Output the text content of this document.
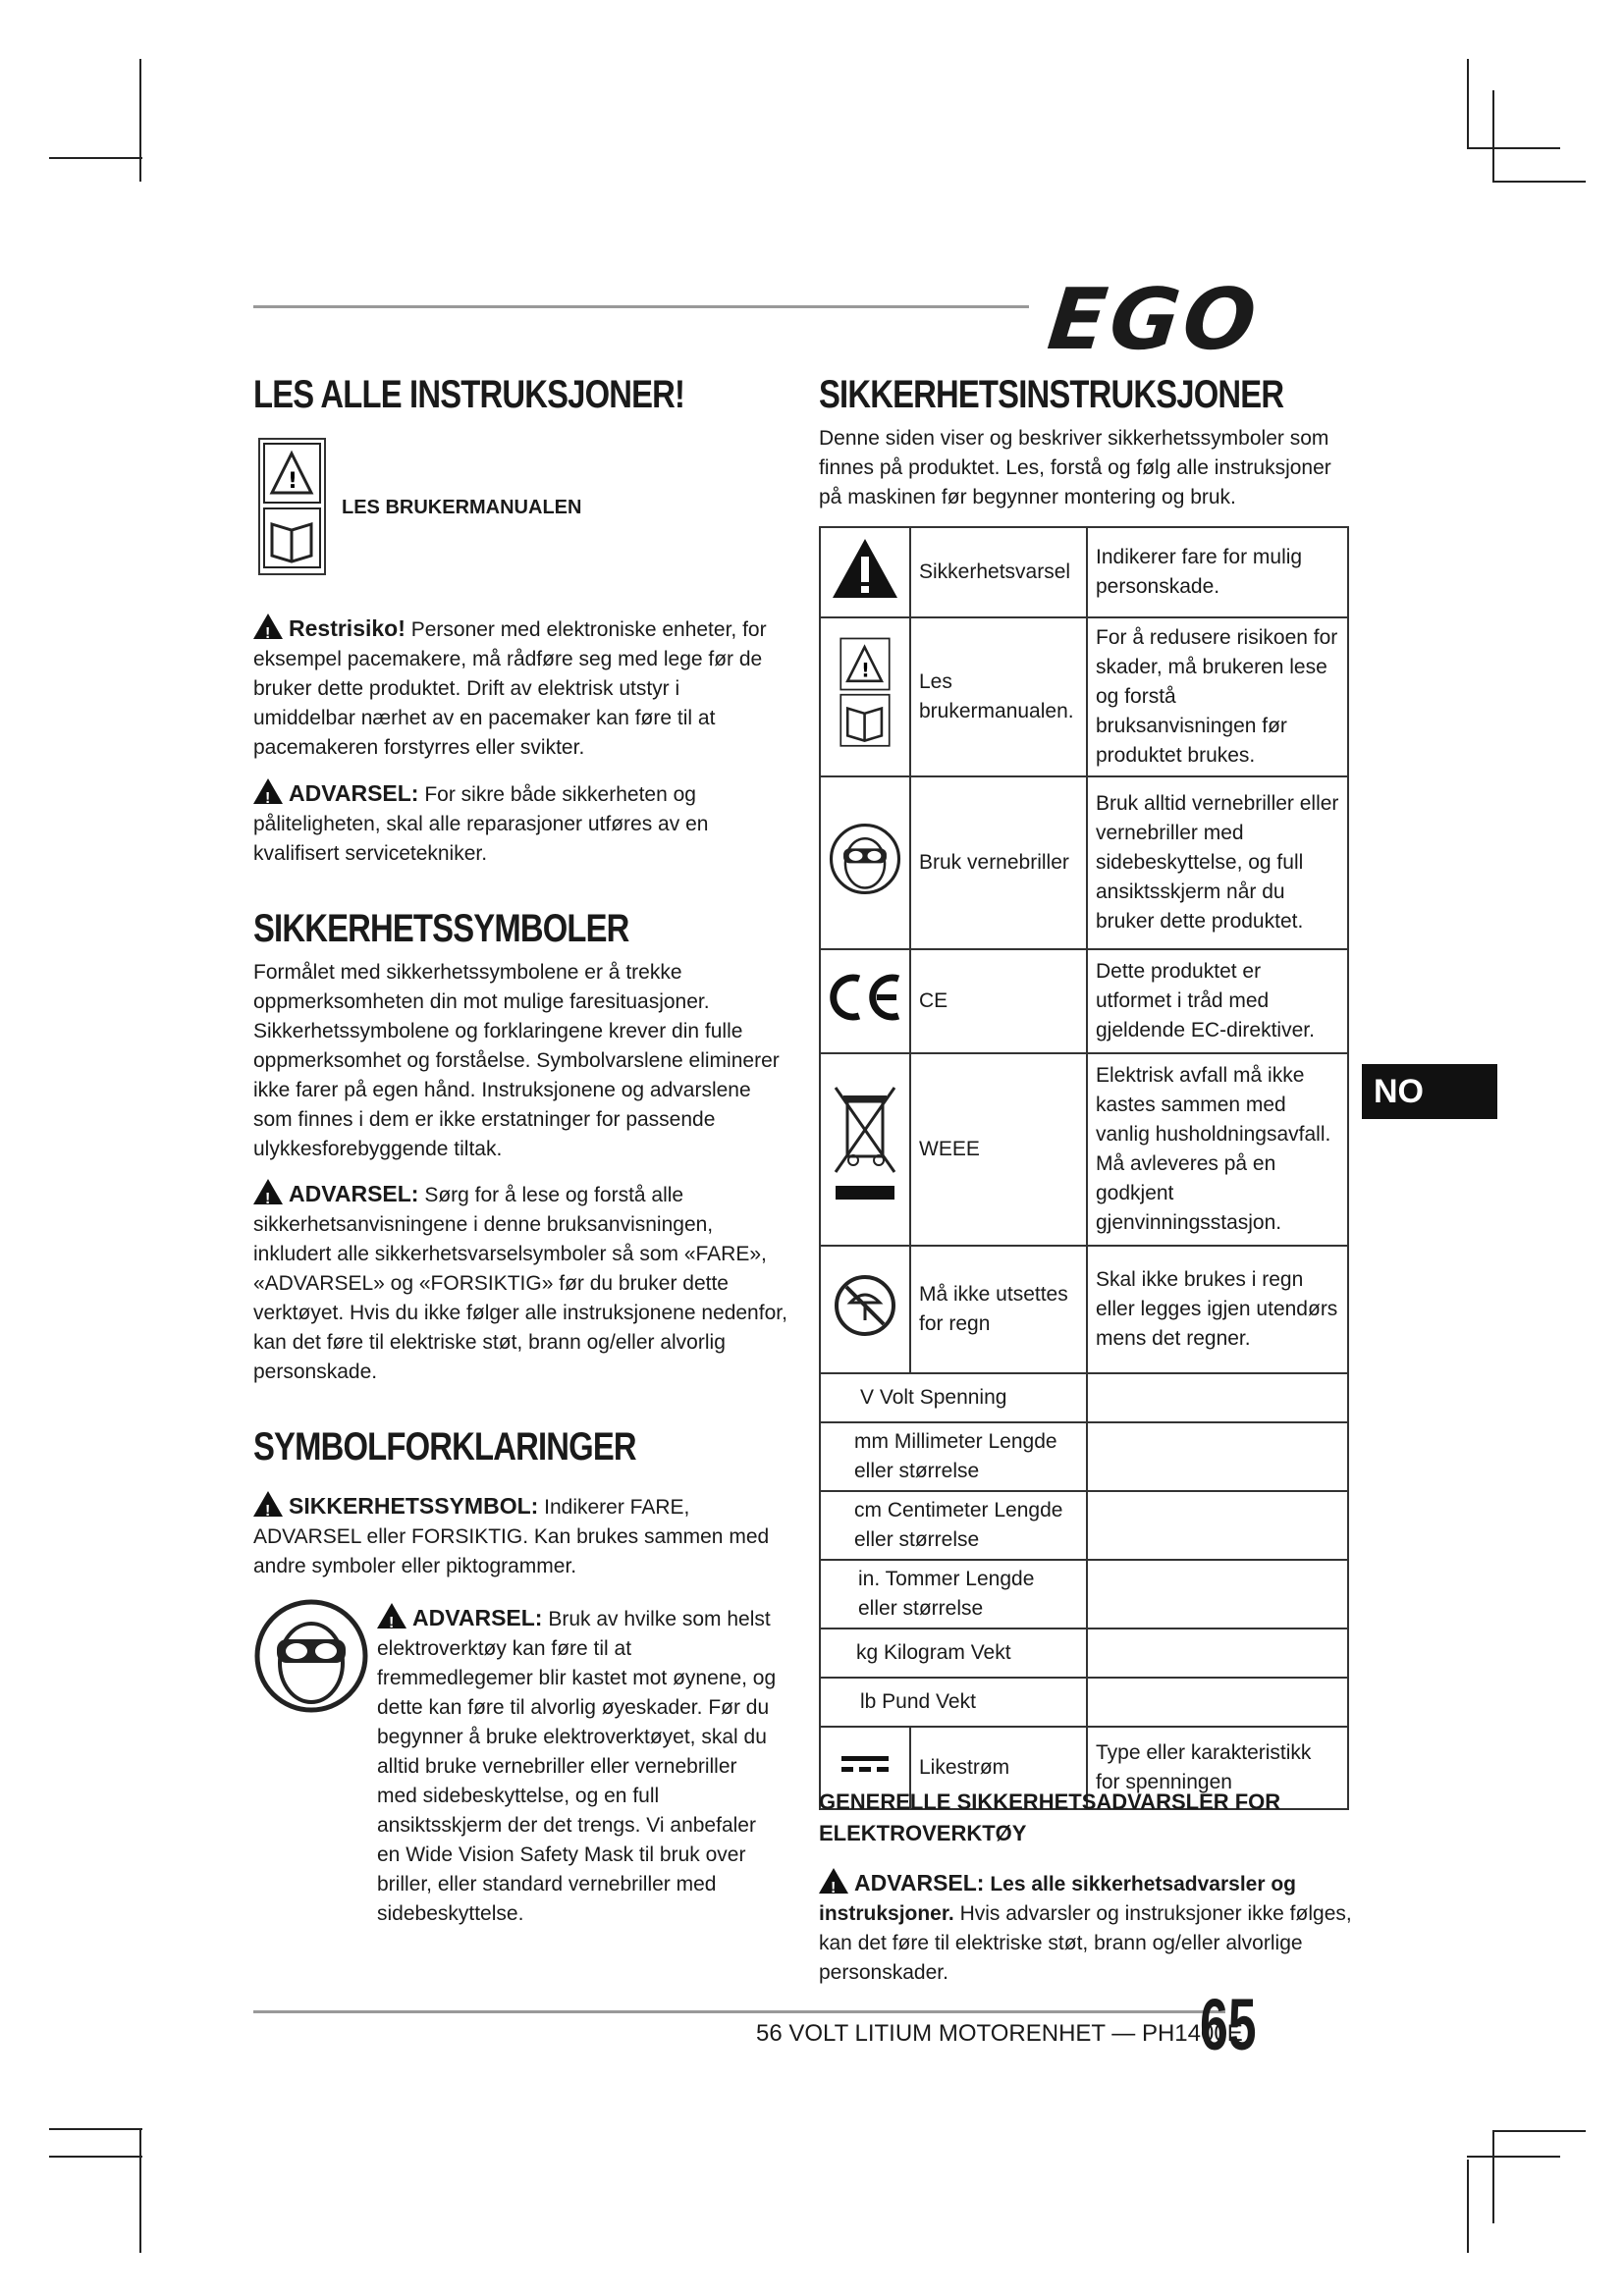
EGO
LES ALLE INSTRUKSJONER!
!
LES BRUKERMANUALEN
!Restrisiko! Personer med elektroniske enheter, for eksempel pacemakere, må rådføre seg med lege før de bruker dette produktet. Drift av elektrisk utstyr i umiddelbar nærhet av en pacemaker kan føre til at pacemakeren forstyrres eller svikter.
!ADVARSEL: For sikre både sikkerheten og påliteligheten, skal alle reparasjoner utføres av en kvalifisert servicetekniker.
SIKKERHETSSYMBOLER
Formålet med sikkerhetssymbolene er å trekke oppmerksomheten din mot mulige faresituasjoner. Sikkerhetssymbolene og forklaringene krever din fulle oppmerksomhet og forståelse. Symbolvarslene eliminerer ikke farer på egen hånd. Instruksjonene og advarslene som finnes i dem er ikke erstatninger for passende ulykkesforebyggende tiltak.
!ADVARSEL: Sørg for å lese og forstå alle sikkerhetsanvisningene i denne bruksanvisningen, inkludert alle sikkerhetsvarselsymboler så som «FARE», «ADVARSEL» og «FORSIKTIG» før du bruker dette verktøyet. Hvis du ikke følger alle instruksjonene nedenfor, kan det føre til elektriske støt, brann og/eller alvorlig personskade.
SYMBOLFORKLARINGER
!SIKKERHETSSYMBOL: Indikerer FARE, ADVARSEL eller FORSIKTIG. Kan brukes sammen med andre symboler eller piktogrammer.
!ADVARSEL: Bruk av hvilke som helst elektroverktøy kan føre til at fremmedlegemer blir kastet mot øynene, og dette kan føre til alvorlig øyeskader. Før du begynner å bruke elektroverktøyet, skal du alltid bruke vernebriller eller vernebriller med sidebeskyttelse, og en full ansiktsskjerm der det trengs. Vi anbefaler en Wide Vision Safety Mask til bruk over briller, eller standard vernebriller med sidebeskyttelse.
SIKKERHETSINSTRUKSJONER
Denne siden viser og beskriver sikkerhetssymboler som finnes på produktet. Les, forstå og følg alle instruksjoner på maskinen før begynner montering og bruk.
	Sikkerhetsvarsel	Indikerer fare for mulig personskade.

!	Les brukermanualen.	For å redusere risikoen for skader, må brukeren lese og forstå bruksanvisningen før produktet brukes.
	Bruk vernebriller	Bruk alltid vernebriller eller vernebriller med sidebeskyttelse, og full ansiktsskjerm når du bruker dette produktet.
	CE	Dette produktet er utformet i tråd med gjeldende EC-direktiver.
	WEEE	Elektrisk avfall må ikke kastes sammen med vanlig husholdningsavfall. Må avleveres på en godkjent gjenvinningsstasjon.
	Må ikke utsettes for regn	Skal ikke brukes i regn eller legges igjen utendørs mens det regner.
V Volt Spenning		
mm Millimeter Lengde eller størrelse		
cm Centimeter Lengde eller størrelse		
in. Tommer Lengde eller størrelse		
kg Kilogram Vekt		
lb Pund Vekt		
	Likestrøm	Type eller karakteristikk for spenningen
GENERELLE SIKKERHETSADVARSLER FOR ELEKTROVERKTØY
!ADVARSEL: Les alle sikkerhetsadvarsler og instruksjoner. Hvis advarsler og instruksjoner ikke følges, kan det føre til elektriske støt, brann og/eller alvorlige personskader.
NO
56 VOLT LITIUM MOTORENHET — PH1400E
65
